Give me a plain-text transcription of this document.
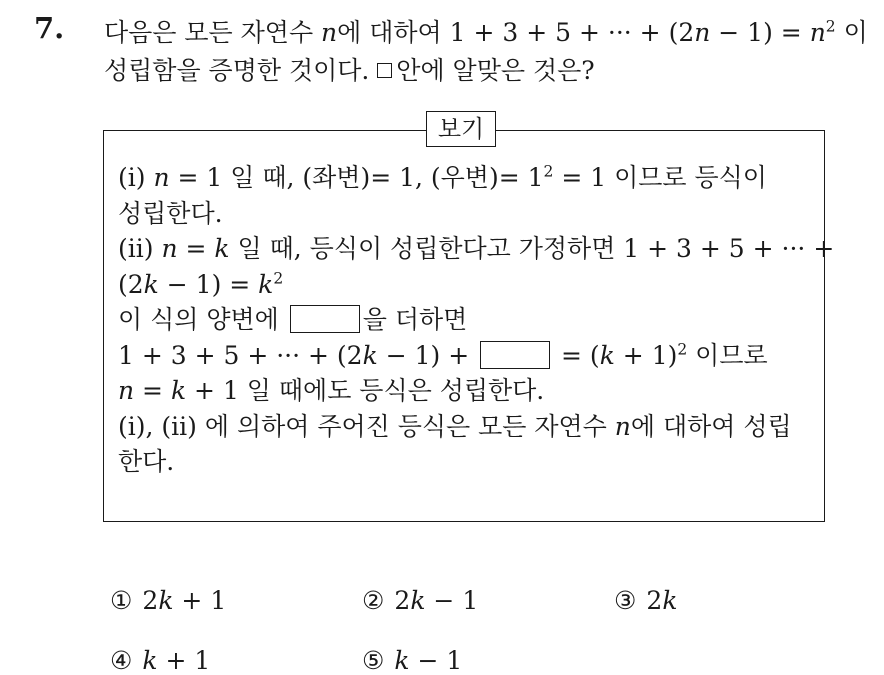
7. 다음은 모든 자연수 n에 대하여 1 + 3 + 5 + ··· + $(2n - 1) = n^2$ 이
성립함을 증명한 것이다. 안에 알맞은 것은?
보기
(i) n = 1 일 때, (좌변)= 1, (우변)= $1^2 = 1$ 이므로 등식이
성립한다.
(ii) n = k 일 때, 등식이 성립한다고 가정하면 1 + 3 + 5 + ··· +
$(2k - 1) = k^2$
이 식의 양변에	을 더하면
1 + 3 + 5 + ··· + (2k − 1) +	= $(k + 1)^2$ 이므로
n = k + 1 일 때에도 등식은 성립한다.
(i), (ii) 에 의하여 주어진 등식은 모든 자연수 n에 대하여 성립
한다.
① 2k + 1	② 2k − 1	③ 2k
④ k + 1	⑤ k − 1
